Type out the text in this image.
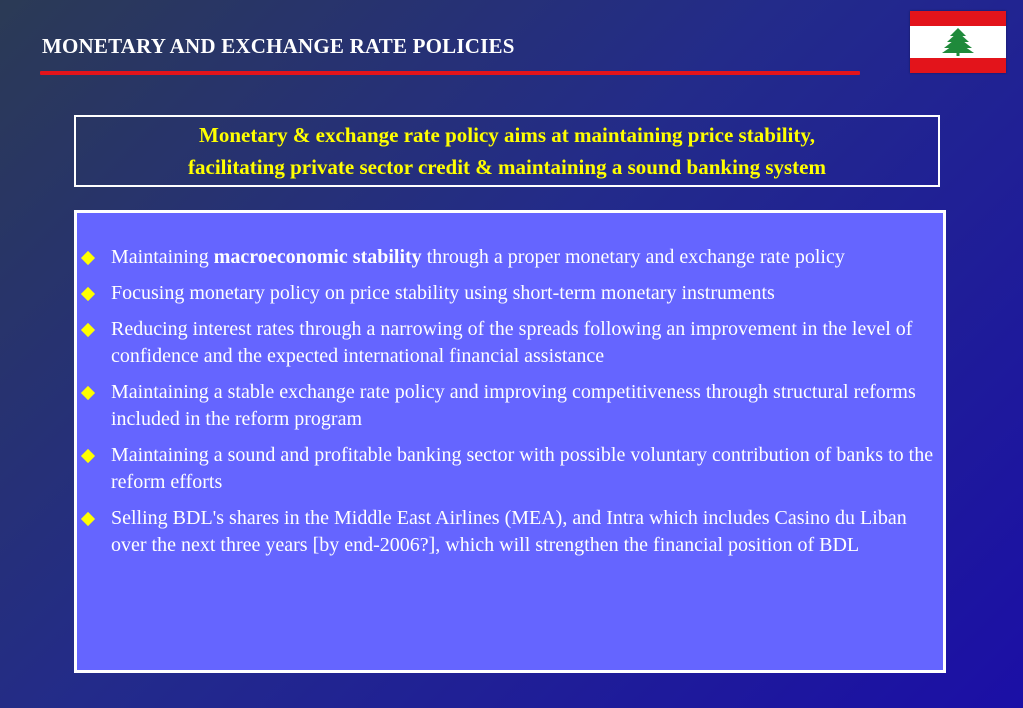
MONETARY AND EXCHANGE RATE POLICIES

Monetary & exchange rate policy aims at maintaining price stability,
facilitating private sector credit & maintaining a sound banking system

Maintaining macroeconomic stability through a proper monetary and exchange rate policy
Focusing monetary policy on price stability using short-term monetary instruments
Reducing interest rates through a narrowing of the spreads following an improvement in the level of confidence and the expected international financial assistance
Maintaining a stable exchange rate policy and improving competitiveness through structural reforms included in the reform program
Maintaining a sound and profitable banking sector with possible voluntary contribution of banks to the reform efforts
Selling BDL's shares in the Middle East Airlines (MEA), and Intra which includes Casino du Liban over the next three years [by end-2006?], which will strengthen the financial position of BDL
